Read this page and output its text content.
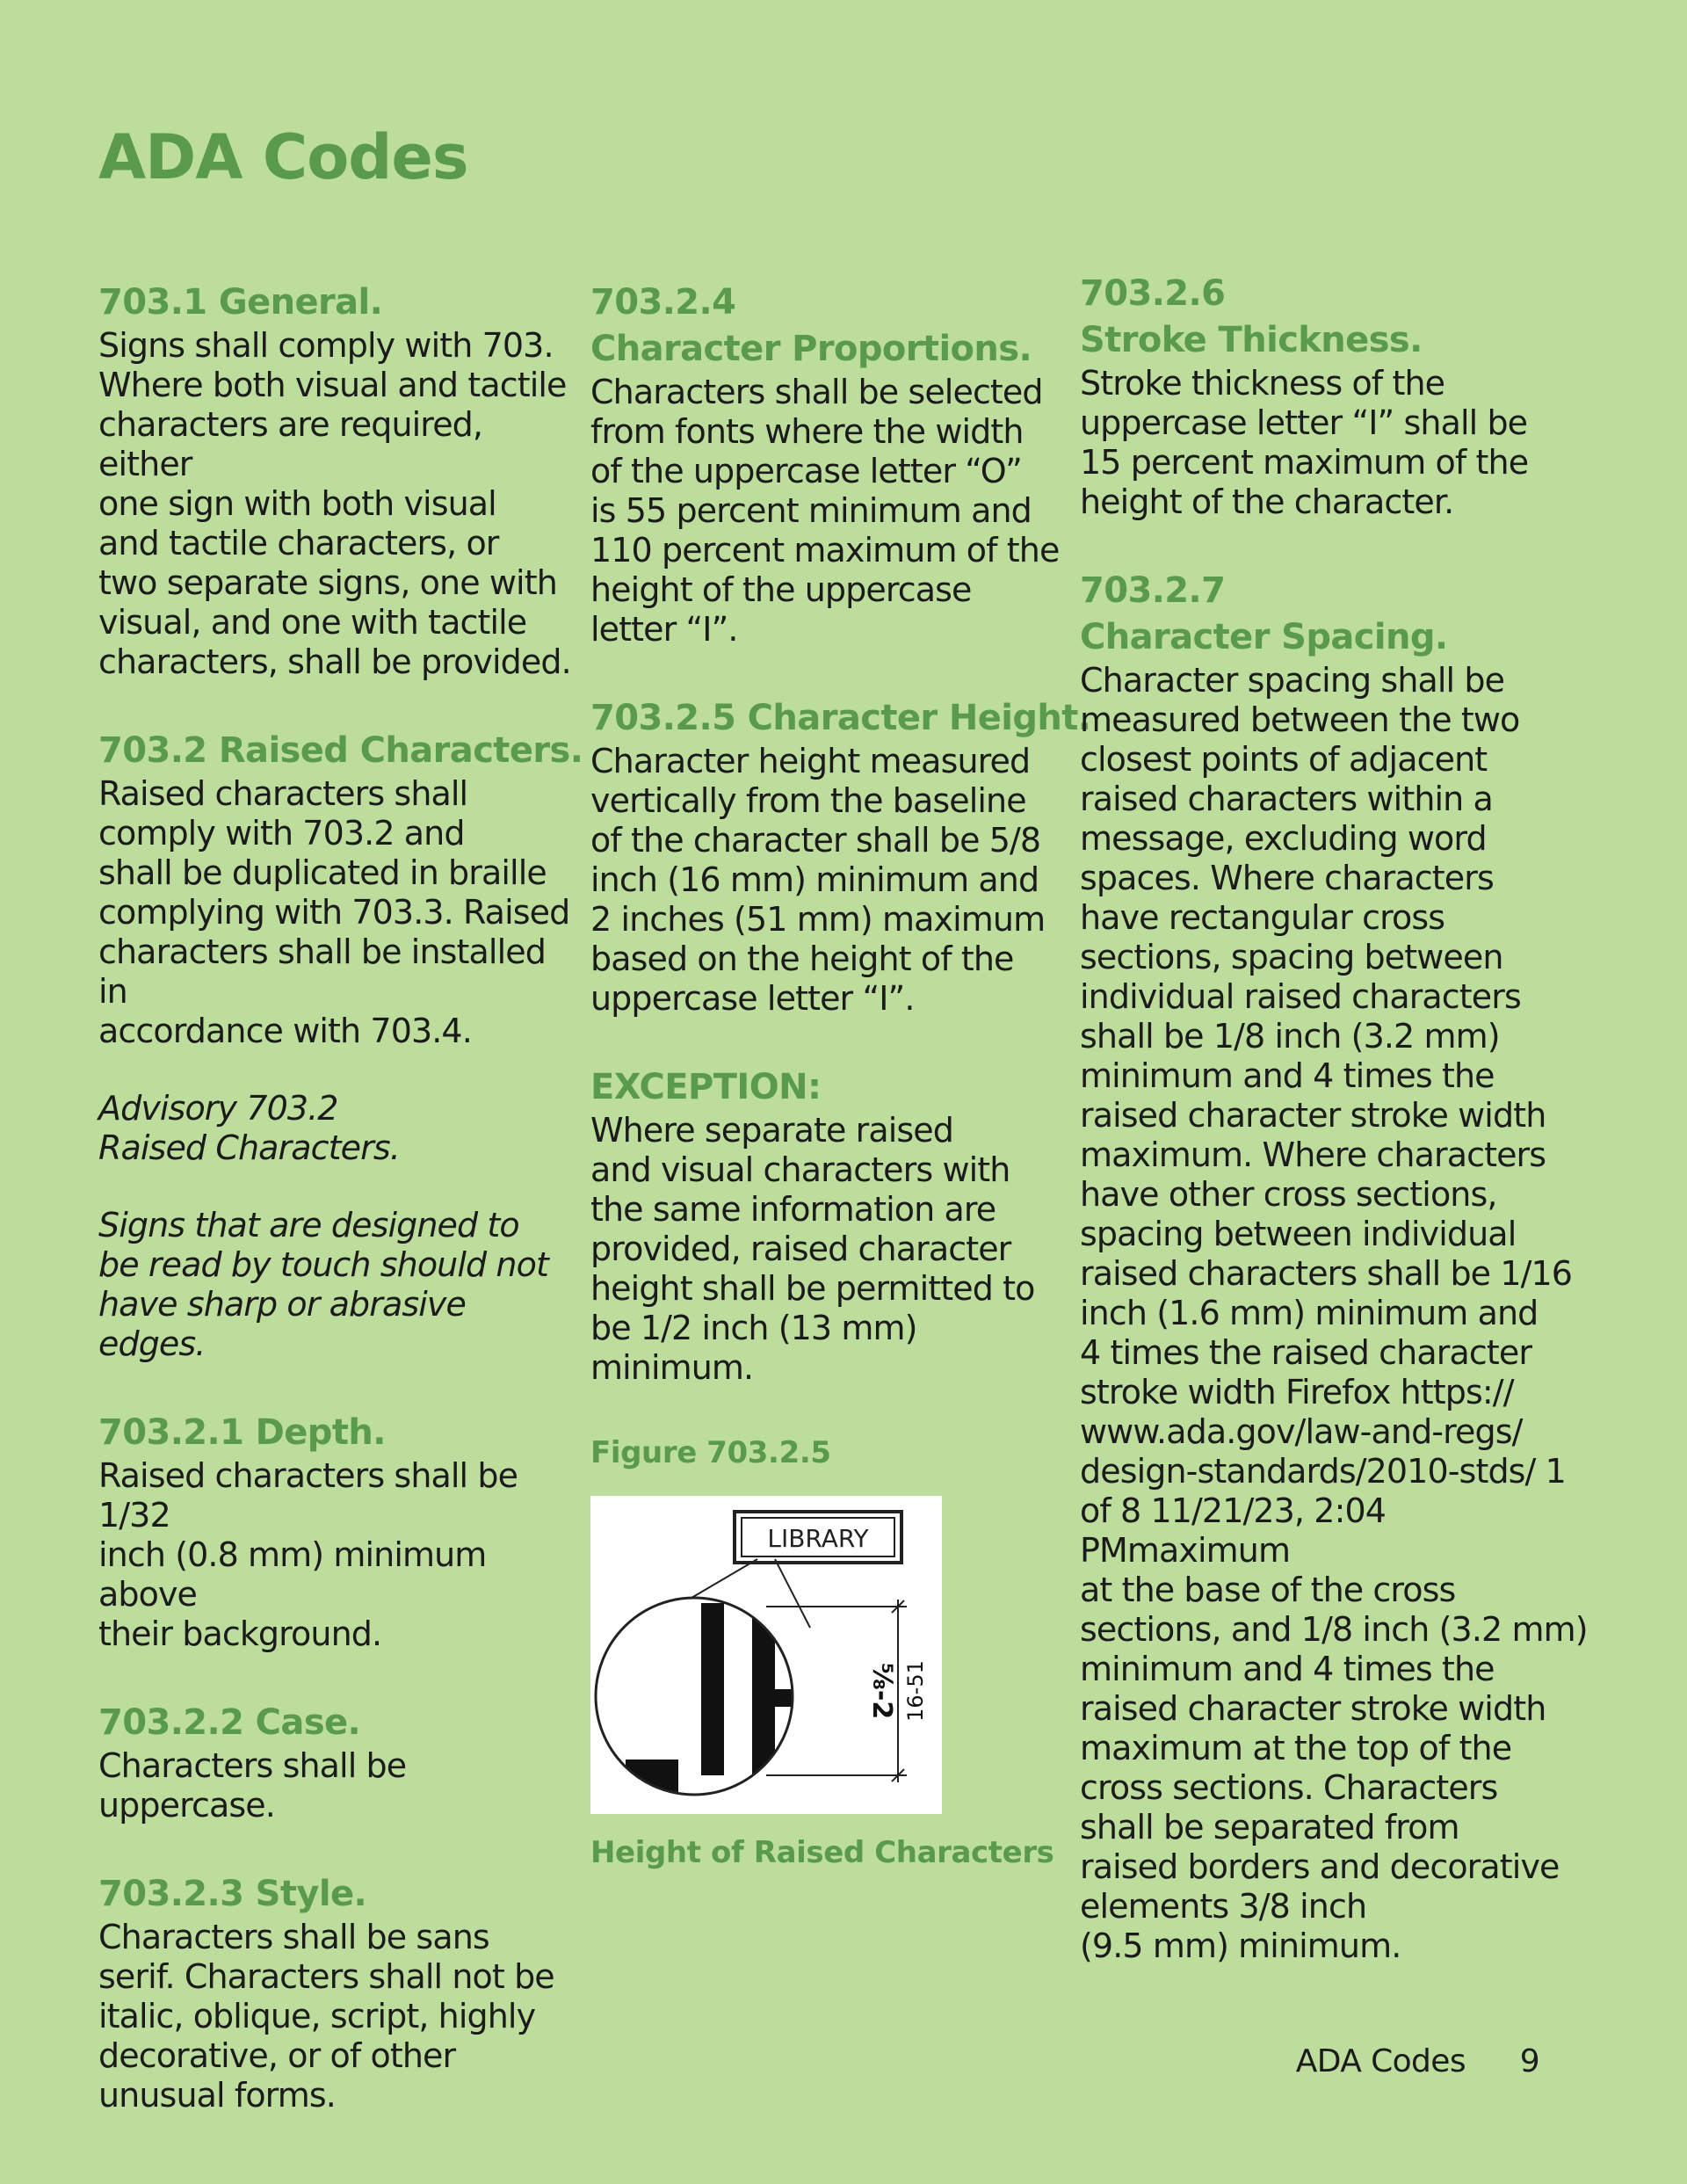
ADA Codes

703.1 General.

Signs shall comply with 703.
Where both visual and tactile
characters are required, either
one sign with both visual
and tactile characters, or
two separate signs, one with
visual, and one with tactile
characters, shall be provided.

703.2 Raised Characters.

Raised characters shall
comply with 703.2 and
shall be duplicated in braille
complying with 703.3. Raised
characters shall be installed in
accordance with 703.4.

Advisory 703.2
Raised Characters.

Signs that are designed to
be read by touch should not
have sharp or abrasive edges.

703.2.1 Depth.

Raised characters shall be 1/32
inch (0.8 mm) minimum above
their background.

703.2.2 Case.

Characters shall be uppercase.

703.2.3 Style.

Characters shall be sans
serif. Characters shall not be
italic, oblique, script, highly
decorative, or of other
unusual forms.

703.2.4

Character Proportions.

Characters shall be selected
from fonts where the width
of the uppercase letter “O”
is 55 percent minimum and
110 percent maximum of the
height of the uppercase
letter “I”.

703.2.5 Character Height.

Character height measured
vertically from the baseline
of the character shall be 5/8
inch (16 mm) minimum and
2 inches (51 mm) maximum
based on the height of the
uppercase letter “I”.

EXCEPTION:

Where separate raised
and visual characters with
the same information are
provided, raised character
height shall be permitted to
be 1/2 inch (13 mm) minimum.

Figure 703.2.5

LIBRARY
⅝-2 16-51

Height of Raised Characters

703.2.6

Stroke Thickness.

Stroke thickness of the
uppercase letter “I” shall be
15 percent maximum of the
height of the character.

703.2.7

Character Spacing.

Character spacing shall be
measured between the two
closest points of adjacent
raised characters within a
message, excluding word
spaces. Where characters
have rectangular cross
sections, spacing between
individual raised characters
shall be 1/8 inch (3.2 mm)
minimum and 4 times the
raised character stroke width
maximum. Where characters
have other cross sections,
spacing between individual
raised characters shall be 1/16
inch (1.6 mm) minimum and
4 times the raised character
stroke width Firefox https://
www.ada.gov/law-and-regs/
design-standards/2010-stds/ 1
of 8 11/21/23, 2:04 PMmaximum
at the base of the cross
sections, and 1/8 inch (3.2 mm)
minimum and 4 times the
raised character stroke width
maximum at the top of the
cross sections. Characters
shall be separated from
raised borders and decorative
elements 3/8 inch
(9.5 mm) minimum.

ADA Codes 9
